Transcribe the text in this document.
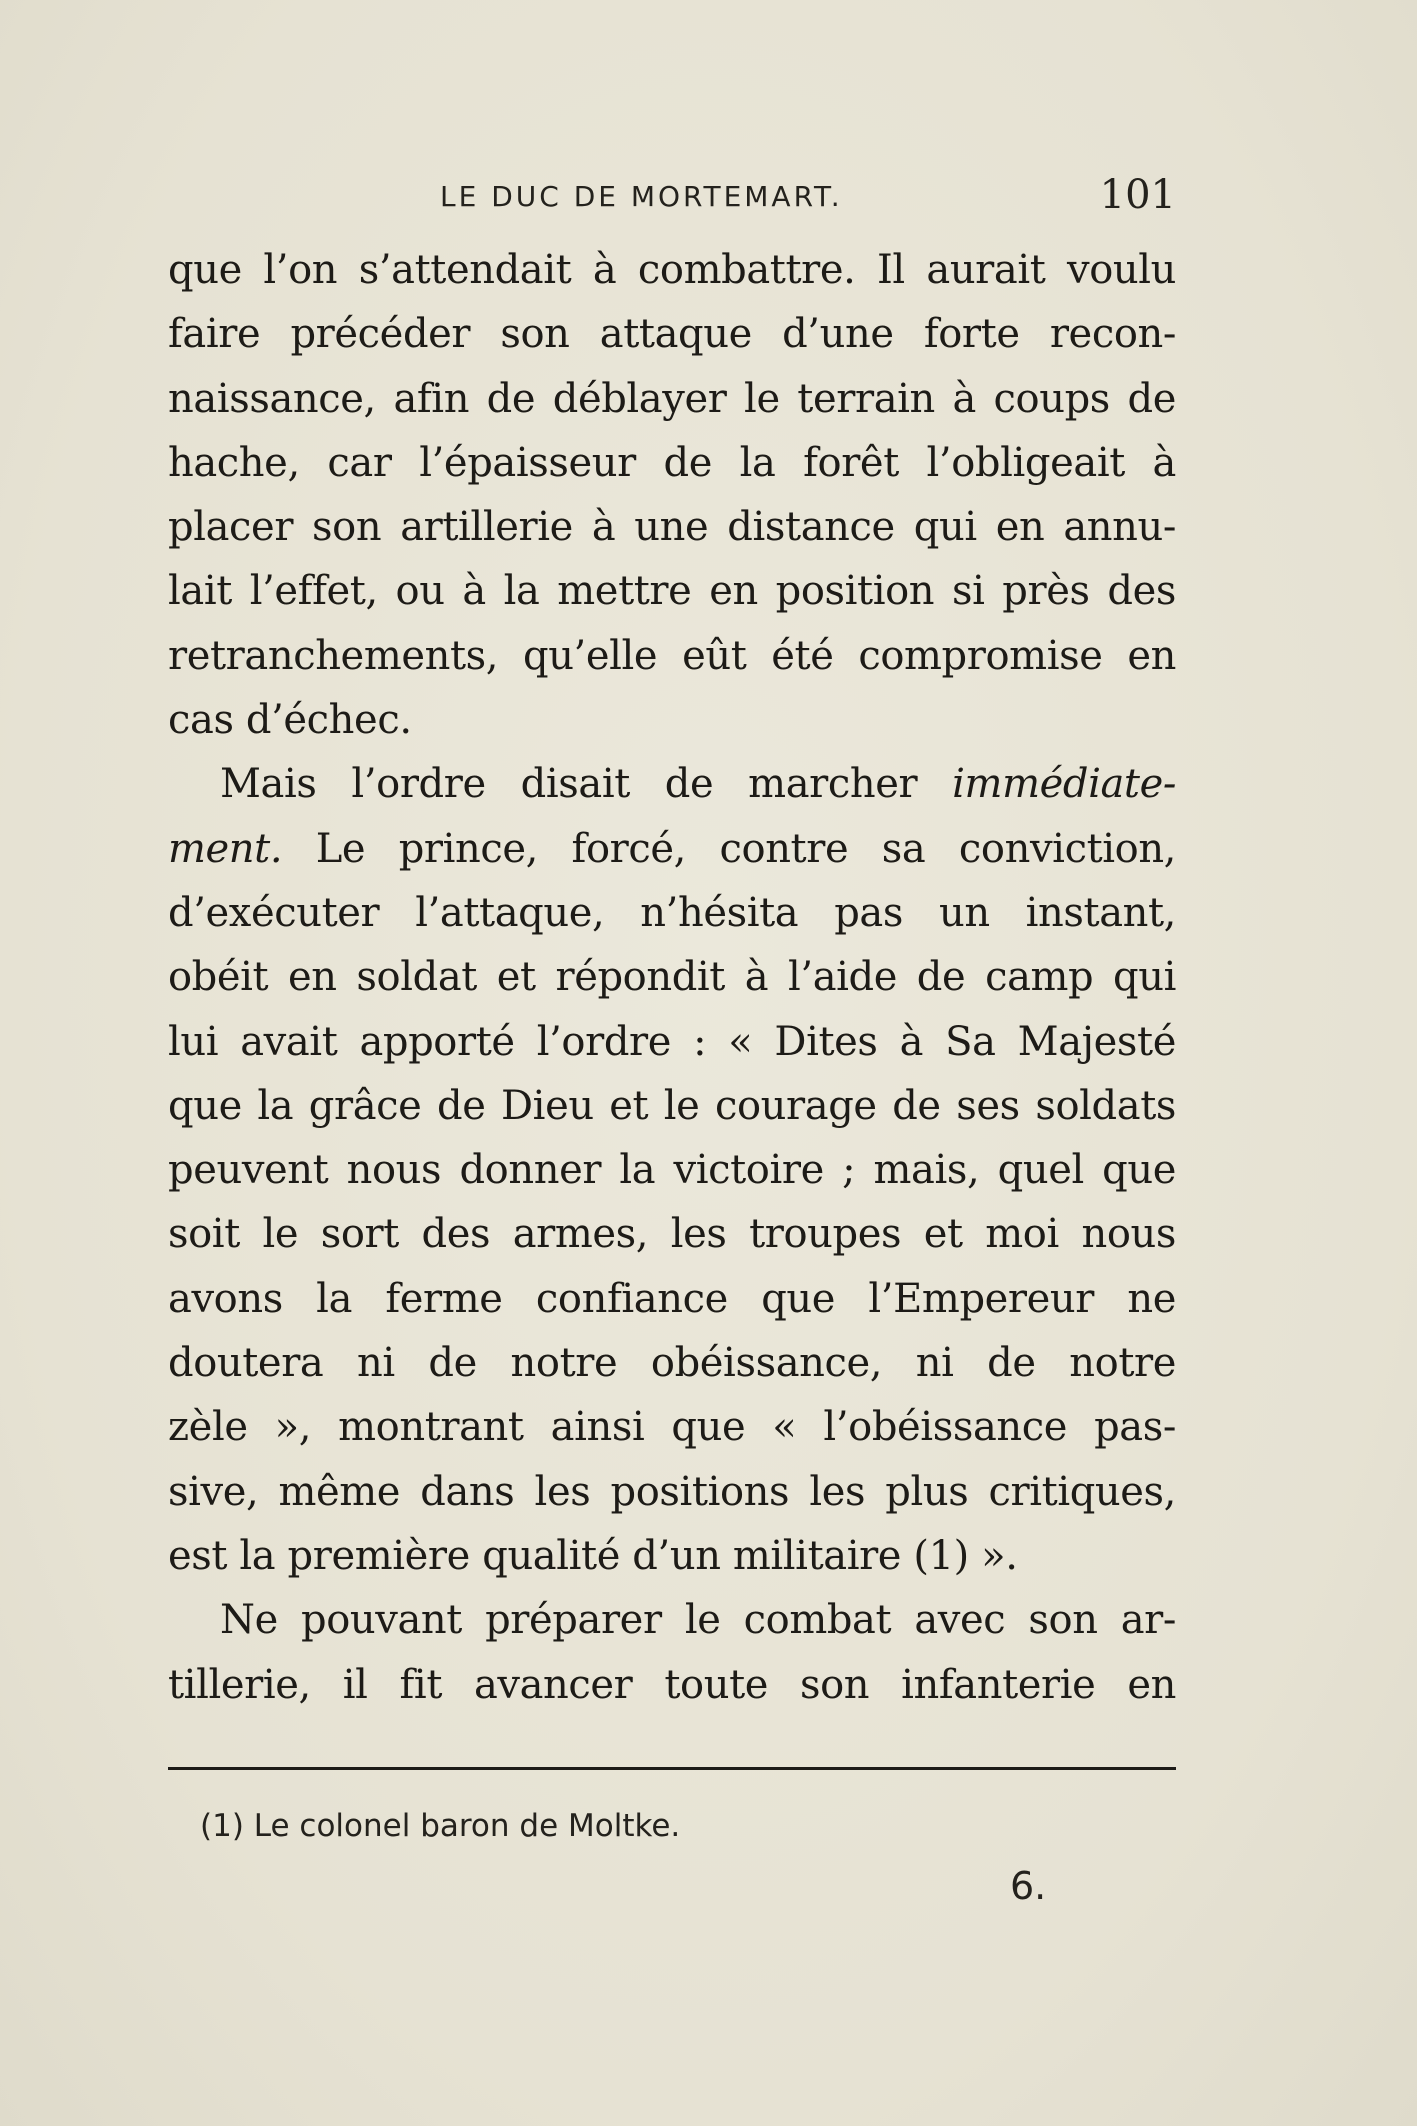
LE DUC DE MORTEMART.	101
que l’on s’attendait à combattre. Il aurait voulu
faire précéder son attaque d’une forte recon-
naissance, afin de déblayer le terrain à coups de
hache, car l’épaisseur de la forêt l’obligeait à
placer son artillerie à une distance qui en annu-
lait l’effet, ou à la mettre en position si près des
retranchements, qu’elle eût été compromise en
cas d’échec.
Mais l’ordre disait de marcher immédiate-
ment. Le prince, forcé, contre sa conviction,
d’exécuter l’attaque, n’hésita pas un instant,
obéit en soldat et répondit à l’aide de camp qui
lui avait apporté l’ordre : « Dites à Sa Majesté
que la grâce de Dieu et le courage de ses soldats
peuvent nous donner la victoire ; mais, quel que
soit le sort des armes, les troupes et moi nous
avons la ferme confiance que l’Empereur ne
doutera ni de notre obéissance, ni de notre
zèle », montrant ainsi que « l’obéissance pas-
sive, même dans les positions les plus critiques,
est la première qualité d’un militaire (1) ».
Ne pouvant préparer le combat avec son ar-
tillerie, il fit avancer toute son infanterie en
(1) Le colonel baron de Moltke.
6.
